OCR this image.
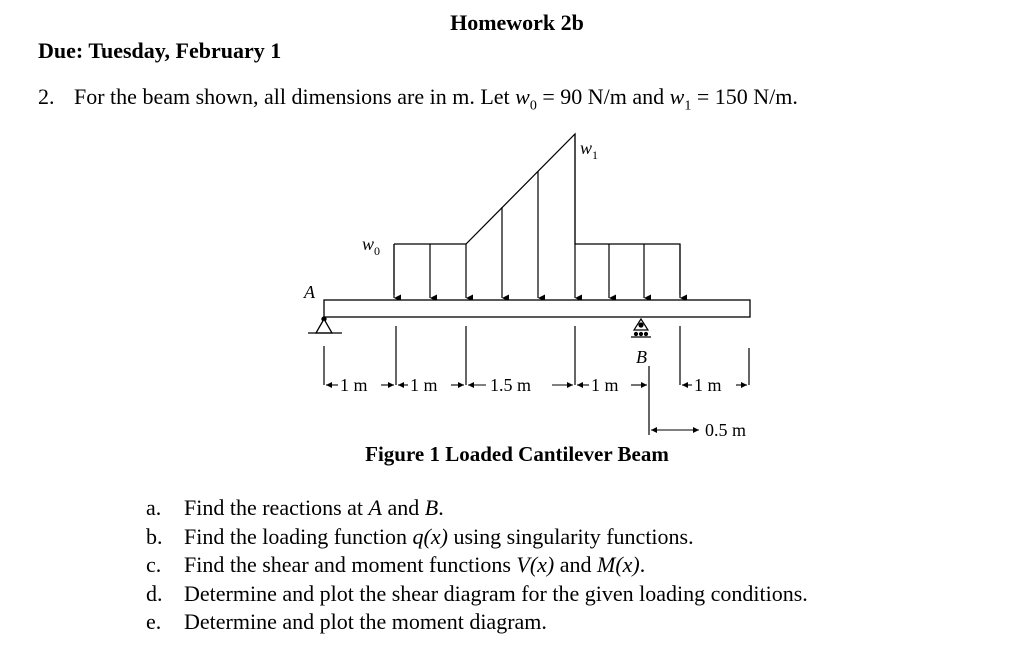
Homework 2b
Due: Tuesday, February 1
2. For the beam shown, all dimensions are in m. Let $w_0 = 90$ N/m and $w_1 = 150$ N/m.
$w_1$
$w_0$
A
B
1 m 1 m	1.5 m	1 m	1 m
0.5 m
Figure 1 Loaded Cantilever Beam
a. Find the reactions at A and B.
b. Find the loading function q(x) using singularity functions.
c. Find the shear and moment functions V(x) and M(x).
d. Determine and plot the shear diagram for the given loading conditions.
e. Determine and plot the moment diagram.
